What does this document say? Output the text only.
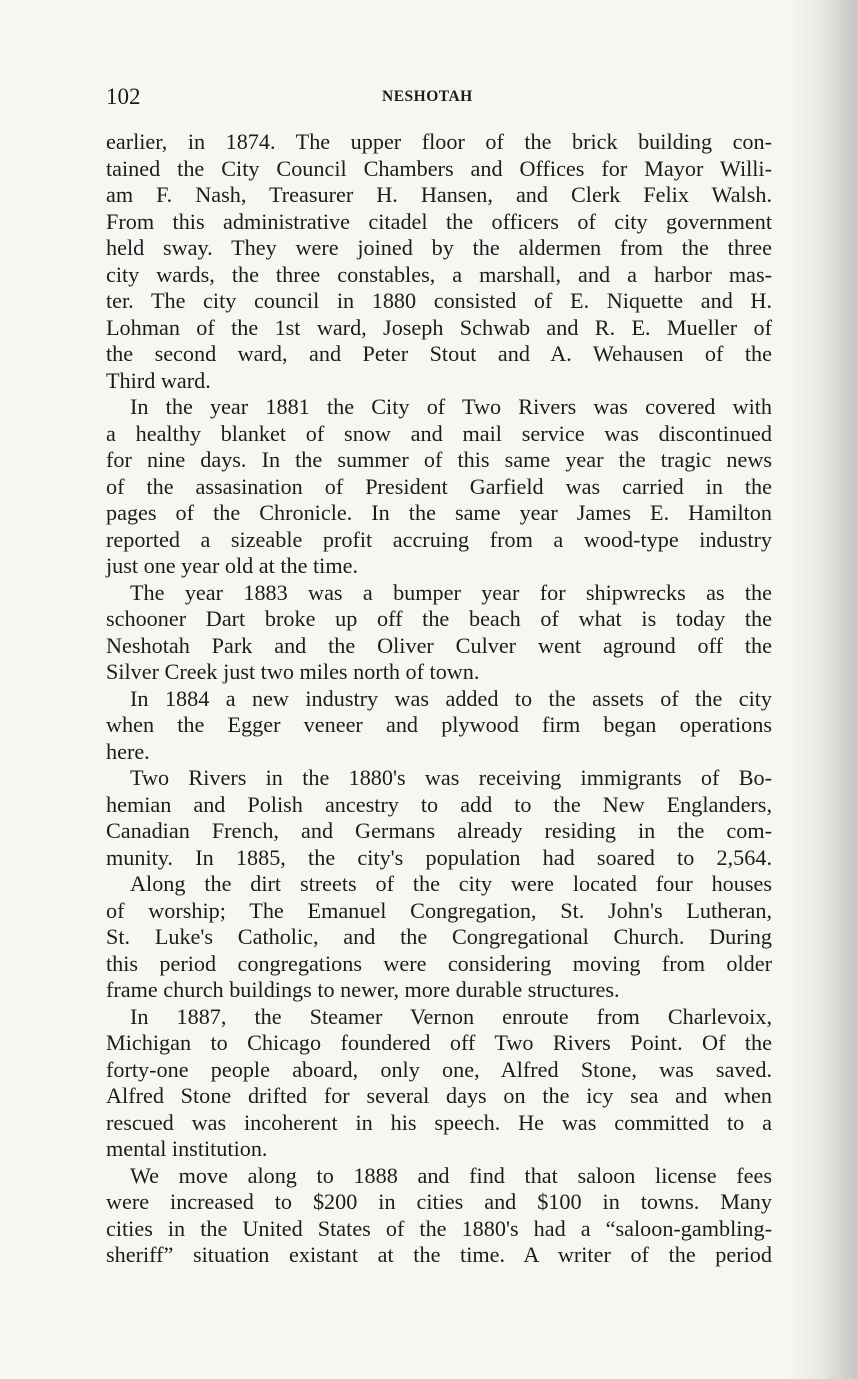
102	NESHOTAH
earlier, in 1874. The upper floor of the brick building con-
tained the City Council Chambers and Offices for Mayor Willi-
am F. Nash, Treasurer H. Hansen, and Clerk Felix Walsh.
From this administrative citadel the officers of city government
held sway. They were joined by the aldermen from the three
city wards, the three constables, a marshall, and a harbor mas-
ter. The city council in 1880 consisted of E. Niquette and H.
Lohman of the 1st ward, Joseph Schwab and R. E. Mueller of
the second ward, and Peter Stout and A. Wehausen of the
Third ward.
In the year 1881 the City of Two Rivers was covered with
a healthy blanket of snow and mail service was discontinued
for nine days. In the summer of this same year the tragic news
of the assasination of President Garfield was carried in the
pages of the Chronicle. In the same year James E. Hamilton
reported a sizeable profit accruing from a wood-type industry
just one year old at the time.
The year 1883 was a bumper year for shipwrecks as the
schooner Dart broke up off the beach of what is today the
Neshotah Park and the Oliver Culver went aground off the
Silver Creek just two miles north of town.
In 1884 a new industry was added to the assets of the city
when the Egger veneer and plywood firm began operations
here.
Two Rivers in the 1880's was receiving immigrants of Bo-
hemian and Polish ancestry to add to the New Englanders,
Canadian French, and Germans already residing in the com-
munity. In 1885, the city's population had soared to 2,564.
Along the dirt streets of the city were located four houses
of worship; The Emanuel Congregation, St. John's Lutheran,
St. Luke's Catholic, and the Congregational Church. During
this period congregations were considering moving from older
frame church buildings to newer, more durable structures.
In 1887, the Steamer Vernon enroute from Charlevoix,
Michigan to Chicago foundered off Two Rivers Point. Of the
forty-one people aboard, only one, Alfred Stone, was saved.
Alfred Stone drifted for several days on the icy sea and when
rescued was incoherent in his speech. He was committed to a
mental institution.
We move along to 1888 and find that saloon license fees
were increased to $200 in cities and $100 in towns. Many
cities in the United States of the 1880's had a “saloon-gambling-
sheriff” situation existant at the time. A writer of the period
